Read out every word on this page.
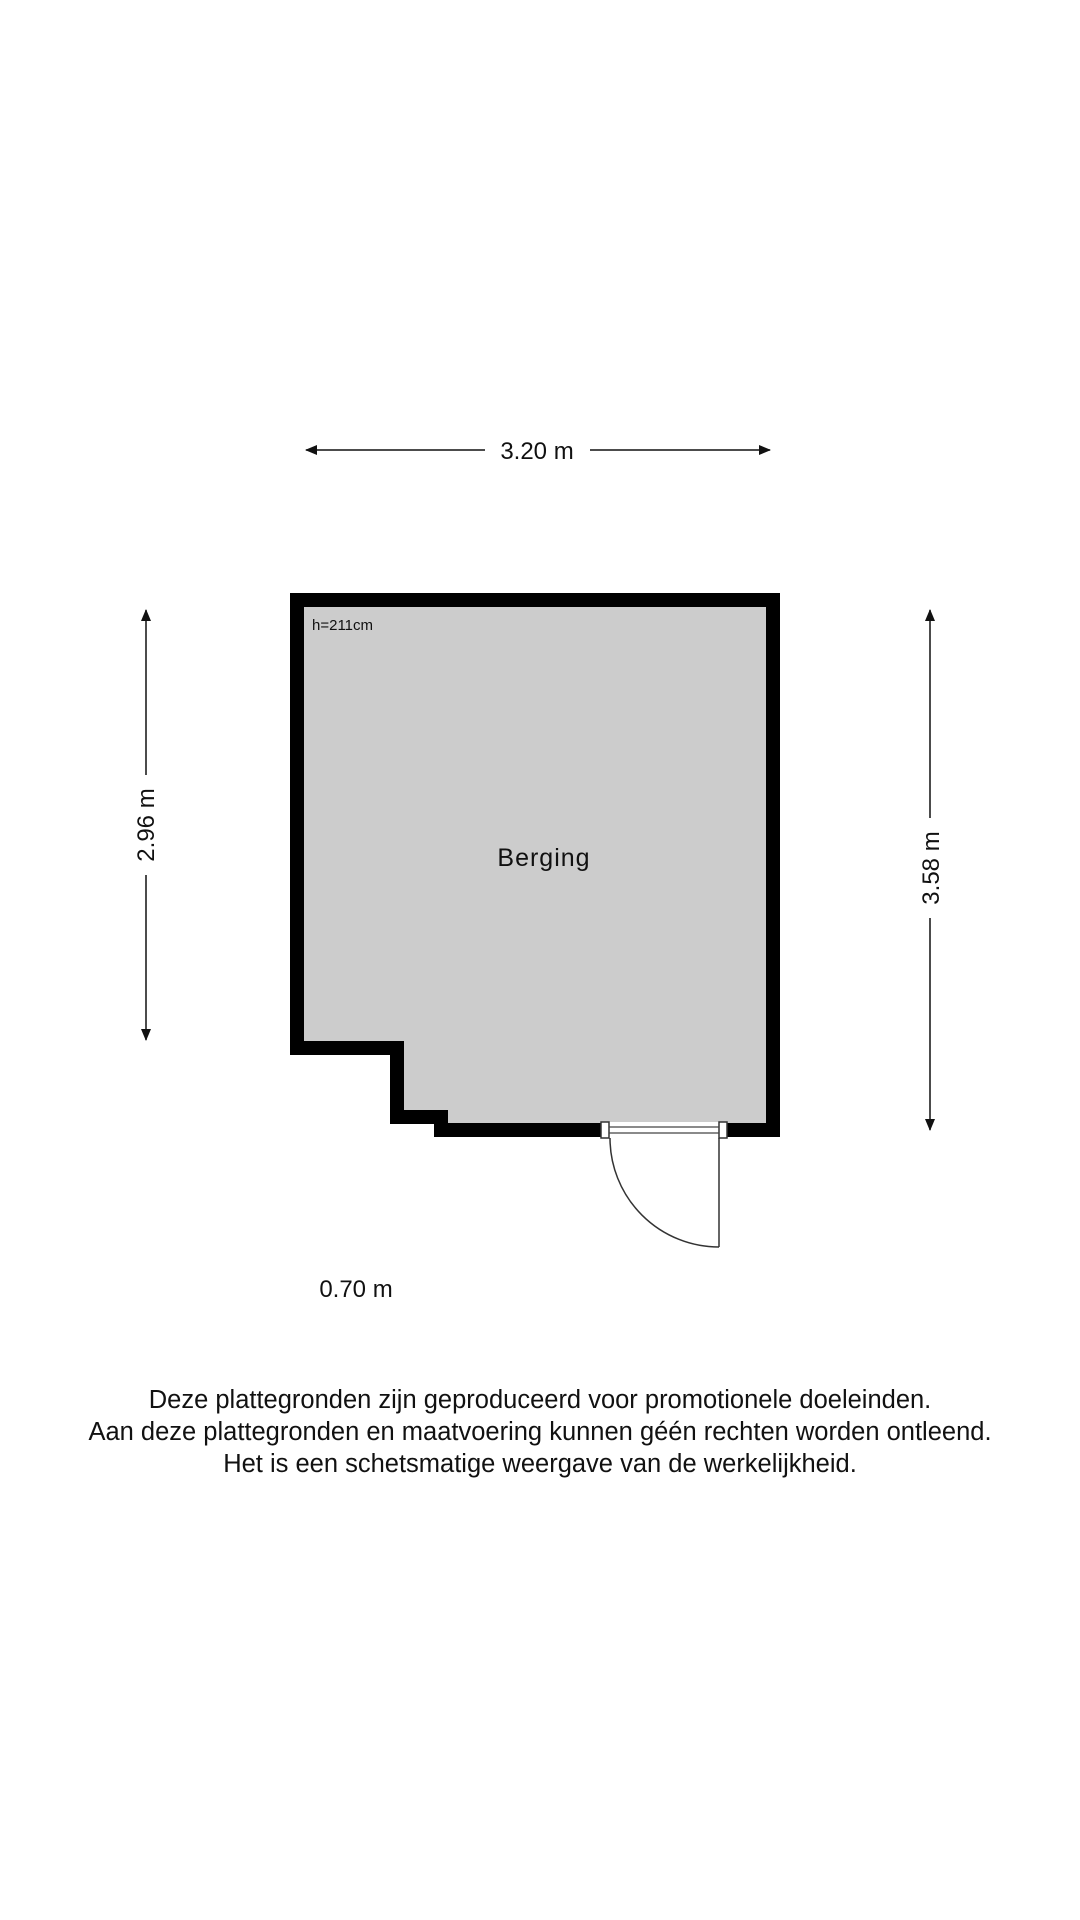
3.20 m
2.96 m
3.58 m
0.70 m
Berging
h=211cm
Deze plattegronden zijn geproduceerd voor promotionele doeleinden.
Aan deze plattegronden en maatvoering kunnen géén rechten worden ontleend.
Het is een schetsmatige weergave van de werkelijkheid.
